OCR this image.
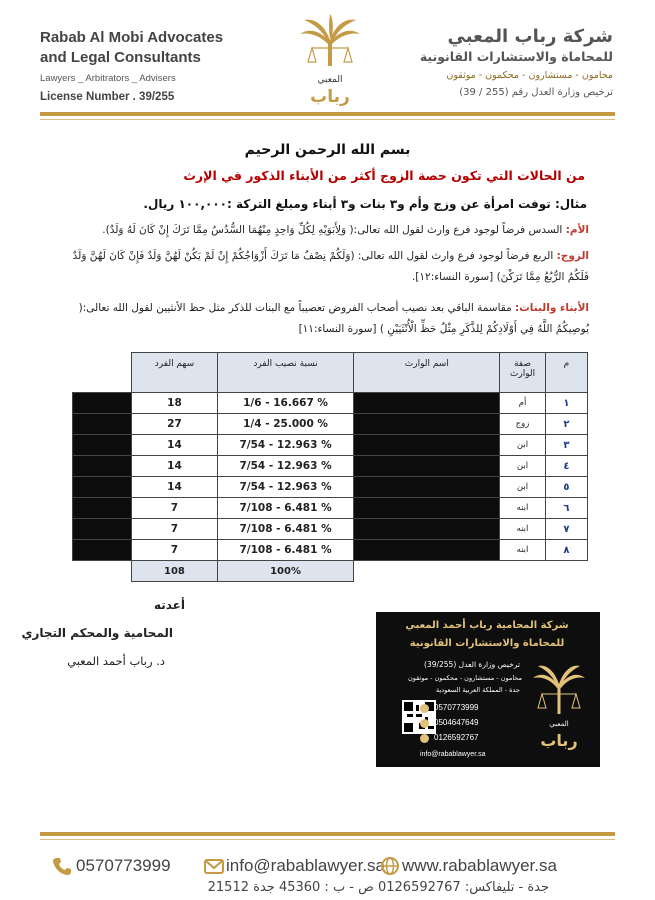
Rabab Al Mobi Advocates
and Legal Consultants
Lawyers _ Arbitrators _ Advisers
License Number . 39/255
المعبي
رباب
شركة رباب المعبي
للمحاماة والاستشارات القانونية
محامون - مستشارون - محكمون - موثقون
ترخيص وزارة العدل رقم (255 / 39)
بسم الله الرحمن الرحيم
من الحالات التي تكون حصة الزوج أكثر من الأبناء الذكور في الإرث
مثال: توفت امرأة عن وزج وأم و٣ بنات و٣ أبناء ومبلغ التركة :١٠٠,٠٠٠ ريال.
الأم: السدس فرضاً لوجود فرع وارث لقول الله تعالى:( وَلِأَبَوَيْهِ لِكُلِّ وَاحِدٍ مِنْهُمَا السُّدُسُ مِمَّا تَرَكَ إِنْ كَانَ لَهُ وَلَدٌ).
الزوج: الربع فرضاً لوجود فرع وارث لقول الله تعالى: (وَلَكُمْ نِصْفُ مَا تَرَكَ أَزْوَاجُكُمْ إِنْ لَمْ يَكُنْ لَهُنَّ وَلَدٌ فَإِنْ كَانَ لَهُنَّ وَلَدٌ فَلَكُمُ الرُّبُعُ مِمَّا تَرَكْنَ) [سورة النساء:١٢].
الأبناء والبنات: مقاسمة الباقي بعد نصيب أصحاب الفروض تعصيباً مع البنات للذكر مثل حظ الأنثيين لقول الله تعالى:( يُوصِيكُمُ اللَّهُ فِي أَوْلَادِكُمْ لِلذَّكَرِ مِثْلُ حَظِّ الْأُنْثَيَيْنِ ) [سورة النساء:١١]
	سهم الفرد	نسبة نصيب الفرد	اسم الوارث	صفة الوارث	م
	18	1/6 - 16.667 %		أم	١
	27	1/4 - 25.000 %		زوج	٢
	14	7/54 - 12.963 %		ابن	٣
	14	7/54 - 12.963 %		ابن	٤
	14	7/54 - 12.963 %		ابن	٥
	7	7/108 - 6.481 %		ابنه	٦
	7	7/108 - 6.481 %		ابنه	٧
	7	7/108 - 6.481 %		ابنه	٨
	108	100%			
أعدته
المحامية والمحكم التجاري
د. رباب أحمد المعبي
شركة المحامية رباب أحمد المعبي
للمحاماة والاستشارات القانونية
ترخيص وزارة العدل (39/255)
محامون - مستشارون - محكمون - موثقون
جدة - المملكة العربية السعودية
0570773999
0504647649
0126592767
info@rabablawyer.sa
المعبي
رباب
0570773999	info@rabablawyer.sa www.rabablawyer.sa
جدة - تليفاكس: 0126592767 ص - ب : 45360 جدة 21512
